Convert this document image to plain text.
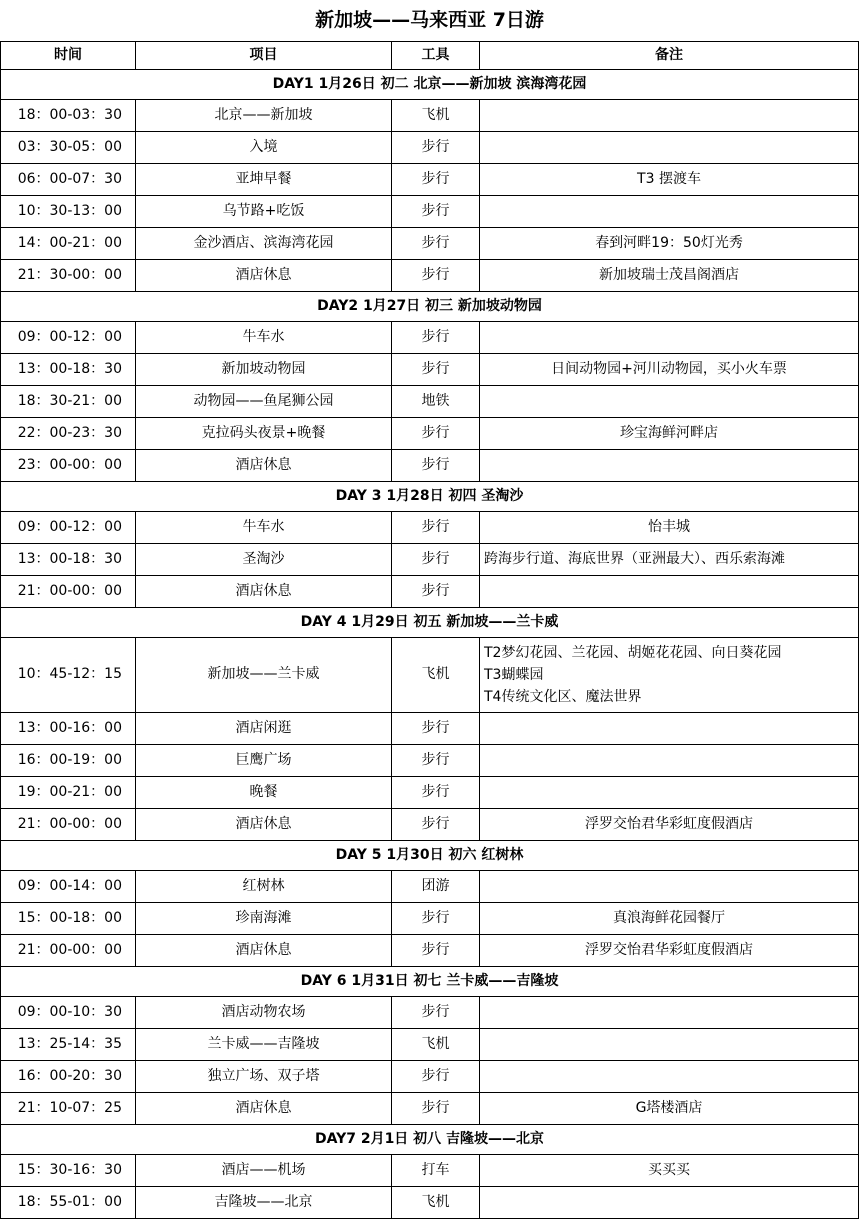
新加坡——马来西亚 7日游			
时间	项目	工具	备注
DAY1 1月26日 初二 北京——新加坡 滨海湾花园			
18：00-03：30	北京——新加坡	飞机	
03：30-05：00	入境	步行	
06：00-07：30	亚坤早餐	步行	T3 摆渡车
10：30-13：00	乌节路+吃饭	步行	
14：00-21：00	金沙酒店、滨海湾花园	步行	春到河畔19：50灯光秀
21：30-00：00	酒店休息	步行	新加坡瑞士茂昌阁酒店
DAY2 1月27日 初三 新加坡动物园			
09：00-12：00	牛车水	步行	
13：00-18：30	新加坡动物园	步行	日间动物园+河川动物园，买小火车票
18：30-21：00	动物园——鱼尾狮公园	地铁	
22：00-23：30	克拉码头夜景+晚餐	步行	珍宝海鲜河畔店
23：00-00：00	酒店休息	步行	
DAY 3 1月28日 初四 圣淘沙			
09：00-12：00	牛车水	步行	怡丰城
13：00-18：30	圣淘沙	步行	跨海步行道、海底世界（亚洲最大）、西乐索海滩
21：00-00：00	酒店休息	步行	
DAY 4 1月29日 初五 新加坡——兰卡威			
10：45-12：15	新加坡——兰卡威	飞机	T2梦幻花园、兰花园、胡姬花花园、向日葵花园
T3蝴蝶园
T4传统文化区、魔法世界

13：00-16：00	酒店闲逛	步行	
16：00-19：00	巨鹰广场	步行	
19：00-21：00	晚餐	步行	
21：00-00：00	酒店休息	步行	浮罗交怡君华彩虹度假酒店
DAY 5 1月30日 初六 红树林			
09：00-14：00	红树林	团游	
15：00-18：00	珍南海滩	步行	真浪海鲜花园餐厅
21：00-00：00	酒店休息	步行	浮罗交怡君华彩虹度假酒店
DAY 6 1月31日 初七 兰卡威——吉隆坡			
09：00-10：30	酒店动物农场	步行	
13：25-14：35	兰卡威——吉隆坡	飞机	
16：00-20：30	独立广场、双子塔	步行	
21：10-07：25	酒店休息	步行	G塔楼酒店
DAY7 2月1日 初八 吉隆坡——北京			
15：30-16：30	酒店——机场	打车	买买买
18：55-01：00	吉隆坡——北京	飞机	
